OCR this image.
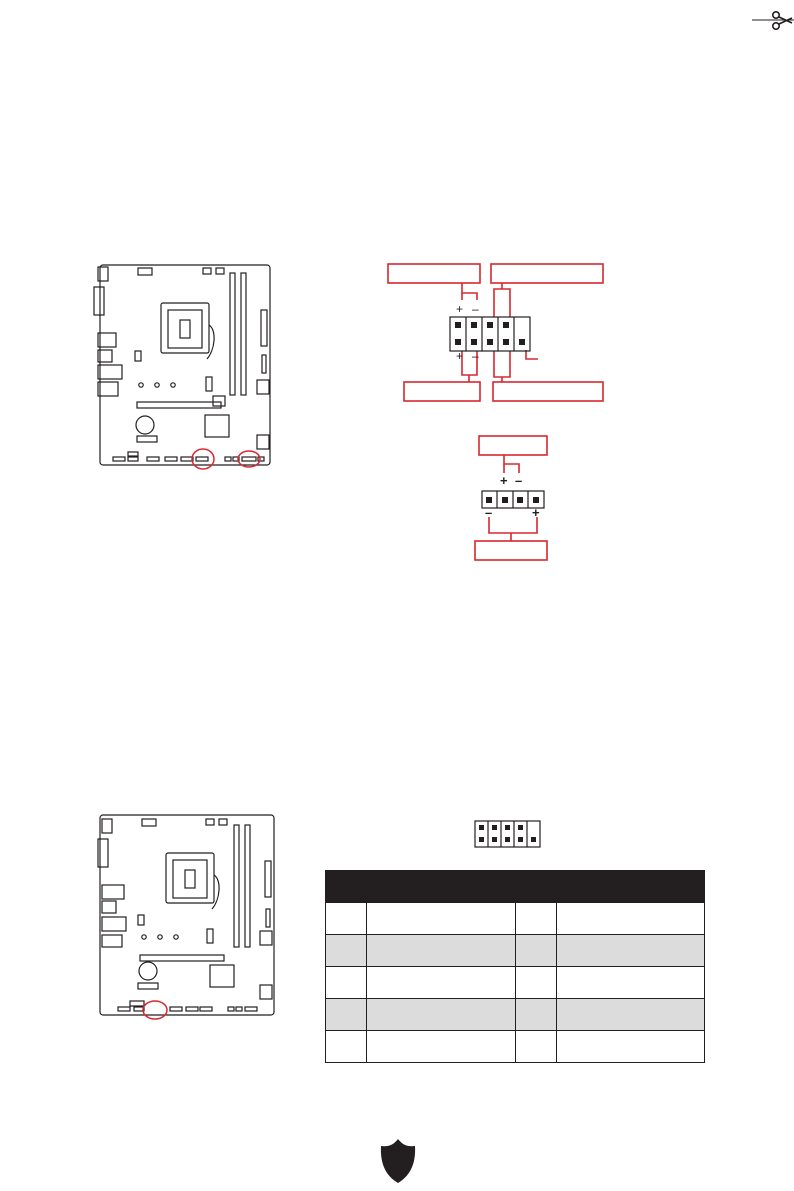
+ –
+ –
+ –
–	+
